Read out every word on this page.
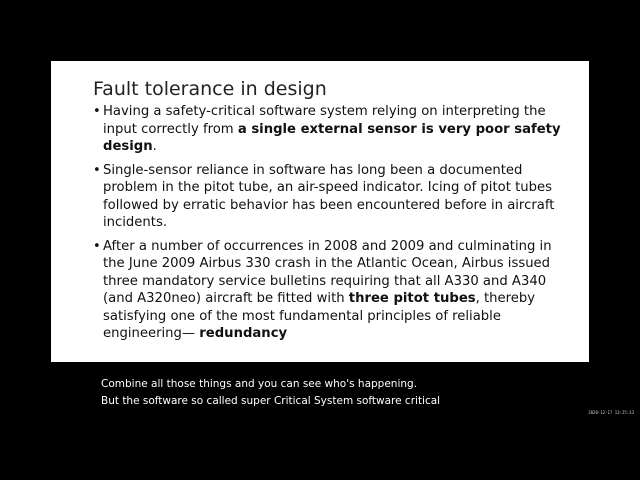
Fault tolerance in design
• Having a safety-critical software system relying on interpreting the input correctly from a single external sensor is very poor safety design.
• Single-sensor reliance in software has long been a documented problem in the pitot tube, an air-speed indicator. Icing of pitot tubes followed by erratic behavior has been encountered before in aircraft incidents.
• After a number of occurrences in 2008 and 2009 and culminating in the June 2009 Airbus 330 crash in the Atlantic Ocean, Airbus issued three mandatory service bulletins requiring that all A330 and A340 (and A320neo) aircraft be fitted with three pitot tubes, thereby satisfying one of the most fundamental principles of reliable engineering— redundancy
Combine all those things and you can see who's happening.
But the software so called super Critical System software critical
2020-12-17 13:25:33
